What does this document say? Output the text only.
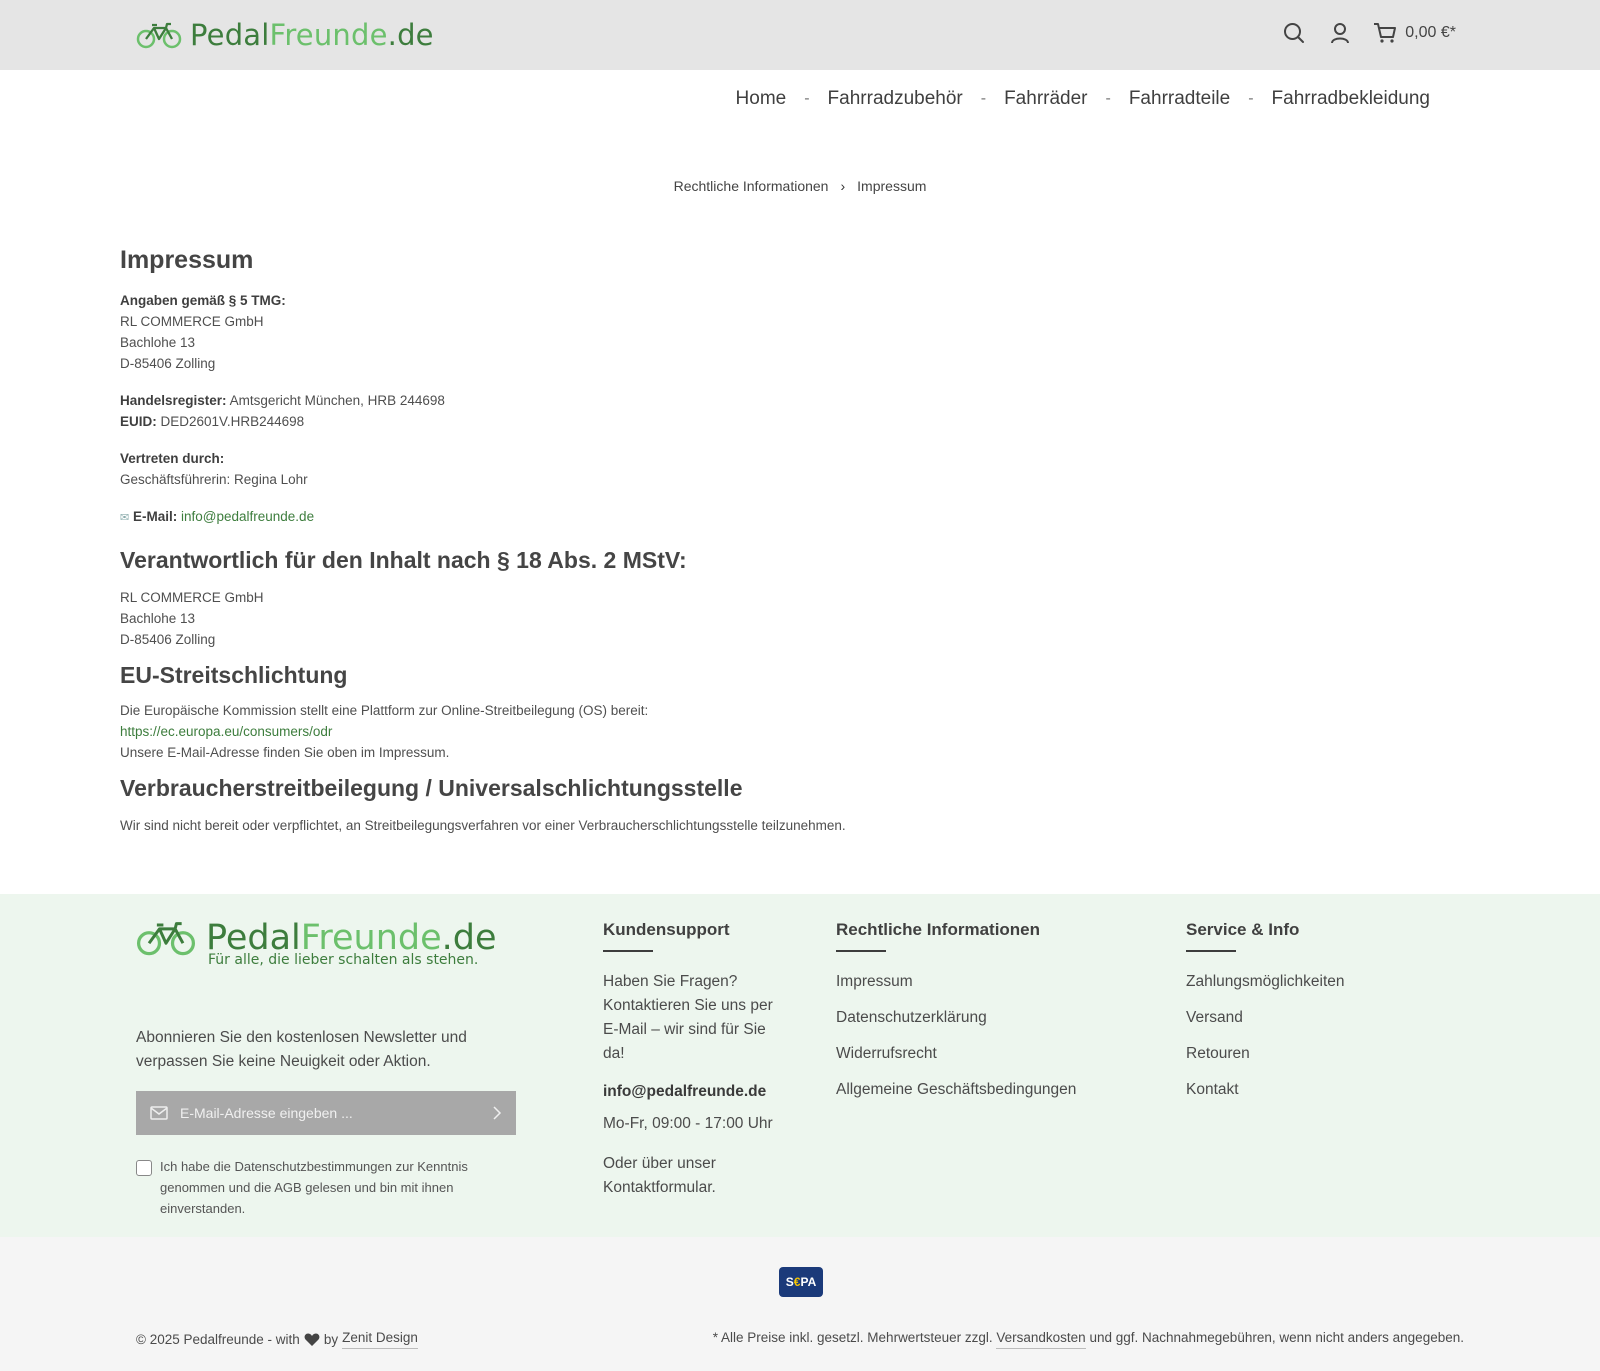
PedalFreunde.de	0,00 €*
Home - Fahrradzubehör - Fahrräder - Fahrradteile - Fahrradbekleidung
Rechtliche Informationen › Impressum
Impressum

Angaben gemäß § 5 TMG:

RL COMMERCE GmbH

Bachlohe 13

D-85406 Zolling

Handelsregister: Amtsgericht München, HRB 244698

EUID: DED2601V.HRB244698

Vertreten durch:

Geschäftsführerin: Regina Lohr

✉ E-Mail: info@pedalfreunde.de

Verantwortlich für den Inhalt nach § 18 Abs. 2 MStV:

RL COMMERCE GmbH

Bachlohe 13

D-85406 Zolling

EU-Streitschlichtung

Die Europäische Kommission stellt eine Plattform zur Online-Streitbeilegung (OS) bereit:

https://ec.europa.eu/consumers/odr

Unsere E-Mail-Adresse finden Sie oben im Impressum.

Verbraucherstreitbeilegung / Universalschlichtungsstelle

Wir sind nicht bereit oder verpflichtet, an Streitbeilegungsverfahren vor einer Verbraucherschlichtungsstelle teilzunehmen.

PedalFreunde.de
Für alle, die lieber schalten als stehen.

Abonnieren Sie den kostenlosen Newsletter und verpassen Sie keine Neuigkeit oder Aktion.

E-Mail-Adresse eingeben ...
Ich habe die Datenschutzbestimmungen zur Kenntnis genommen und die AGB gelesen und bin mit ihnen einverstanden.
Kundensupport

Haben Sie Fragen? Kontaktieren Sie uns per E-Mail – wir sind für Sie da!

info@pedalfreunde.de

Mo-Fr, 09:00 - 17:00 Uhr

Oder über unser Kontaktformular.

Rechtliche Informationen
Impressum
Datenschutzerklärung
Widerrufsrecht
Allgemeine Geschäftsbedingungen
Service & Info
Zahlungsmöglichkeiten
Versand
Retouren
Kontakt
S € PA
© 2025 Pedalfreunde - with by Zenit Design	* Alle Preise inkl. gesetzl. Mehrwertsteuer zzgl. Versandkosten und ggf. Nachnahmegebühren, wenn nicht anders angegeben.
